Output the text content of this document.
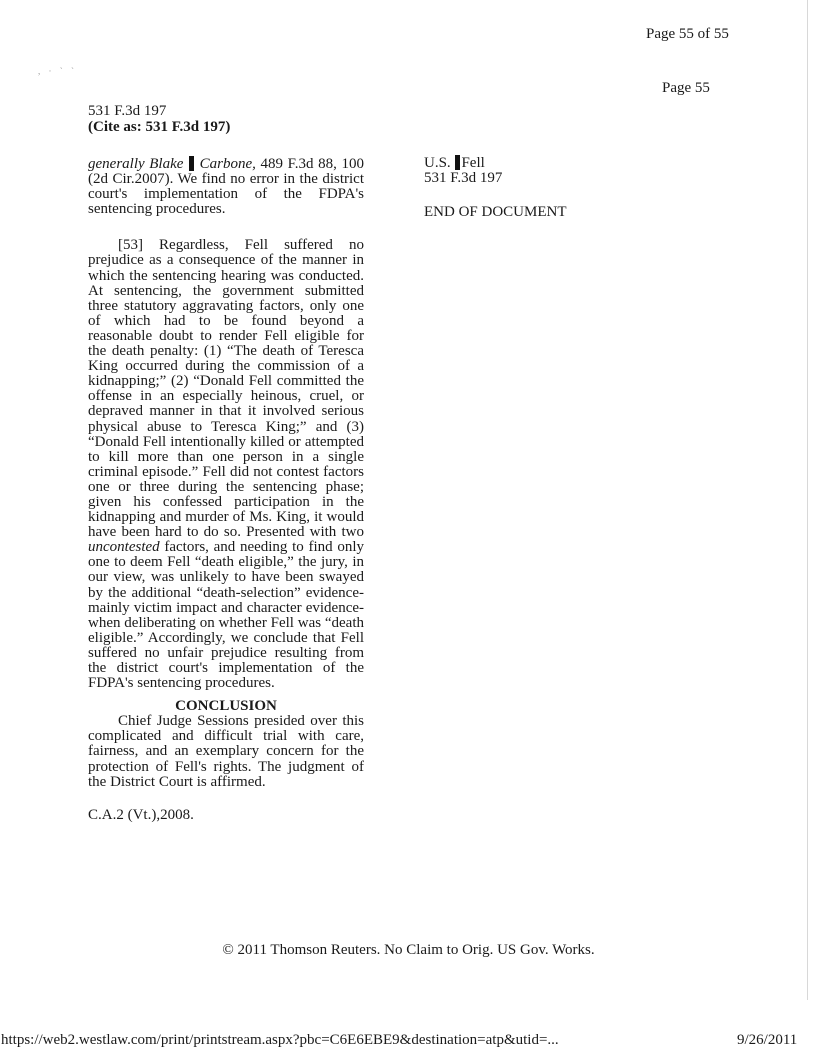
Page 55 of 55
, · ` `
Page 55
531 F.3d 197
(Cite as: 531 F.3d 197)

generally Blake Carbone, 489 F.3d 88, 100 (2d Cir.2007). We find no error in the district court's implementation of the FDPA's sentencing procedures.

[53] Regardless, Fell suffered no prejudice as a consequence of the manner in which the sentencing hearing was conducted. At sentencing, the government submitted three statutory aggravating factors, only one of which had to be found beyond a reasonable doubt to render Fell eligible for the death penalty: (1) “The death of Teresca King occurred during the commission of a kidnapping;” (2) “Donald Fell committed the offense in an especially heinous, cruel, or depraved manner in that it involved serious physical abuse to Teresca King;” and (3) “Donald Fell intentionally killed or attempted to kill more than one person in a single criminal episode.” Fell did not contest factors one or three during the sentencing phase; given his confessed participation in the kidnapping and murder of Ms. King, it would have been hard to do so. Presented with two uncontested factors, and needing to find only one to deem Fell “death eligible,” the jury, in our view, was unlikely to have been swayed by the additional “death-selection” evidence-mainly victim impact and character evidence-when deliberating on whether Fell was “death eligible.” Accordingly, we conclude that Fell suffered no unfair prejudice resulting from the district court's implementation of the FDPA's sentencing procedures.

CONCLUSION

Chief Judge Sessions presided over this complicated and difficult trial with care, fairness, and an exemplary concern for the protection of Fell's rights. The judgment of the District Court is affirmed.

C.A.2 (Vt.),2008.

U.S. Fell
531 F.3d 197
END OF DOCUMENT
© 2011 Thomson Reuters. No Claim to Orig. US Gov. Works.
https://web2.westlaw.com/print/printstream.aspx?pbc=C6E6EBE9&destination=atp&utid=...	9/26/2011
